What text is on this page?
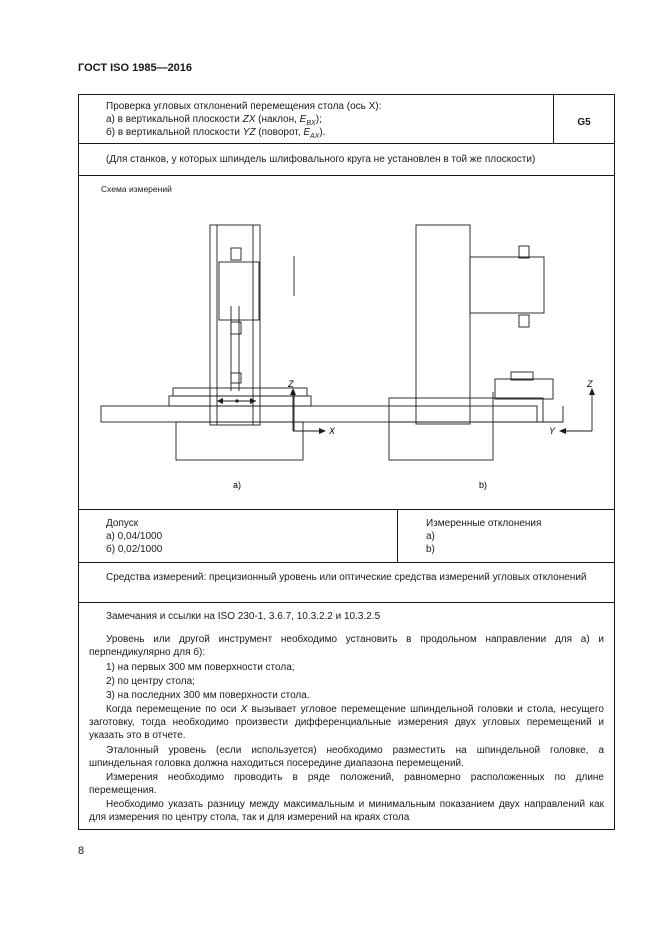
ГОСТ ISO 1985—2016
Проверка угловых отклонений перемещения стола (ось X):
а) в вертикальной плоскости ZX (наклон, $E_{BX}$);
б) в вертикальной плоскости YZ (поворот, $E_{AX}$).
G5
(Для станков, у которых шпиндель шлифовального круга не установлен в той же плоскости)
Схема измерений
Z
X
Z
Y
а)	b)
Допуск
а) 0,04/1000
б) 0,02/1000
Измеренные отклонения
а)
b)
Средства измерений: прецизионный уровень или оптические средства измерений угловых отклонений
Замечания и ссылки на ISO 230-1, 3.6.7, 10.3.2.2 и 10.3.2.5
Уровень или другой инструмент необходимо установить в продольном направлении для а) и перпендикулярно для б):
1) на первых 300 мм поверхности стола;
2) по центру стола;
3) на последних 300 мм поверхности стола.
Когда перемещение по оси X вызывает угловое перемещение шпиндельной головки и стола, несущего заготовку, тогда необходимо произвести дифференциальные измерения двух угловых перемещений и указать это в отчете.
Эталонный уровень (если используется) необходимо разместить на шпиндельной головке, а шпиндельная головка должна находиться посередине диапазона перемещений.
Измерения необходимо проводить в ряде положений, равномерно расположенных по длине перемещения.
Необходимо указать разницу между максимальным и минимальным показанием двух направлений как для измерения по центру стола, так и для измерений на краях стола
8
